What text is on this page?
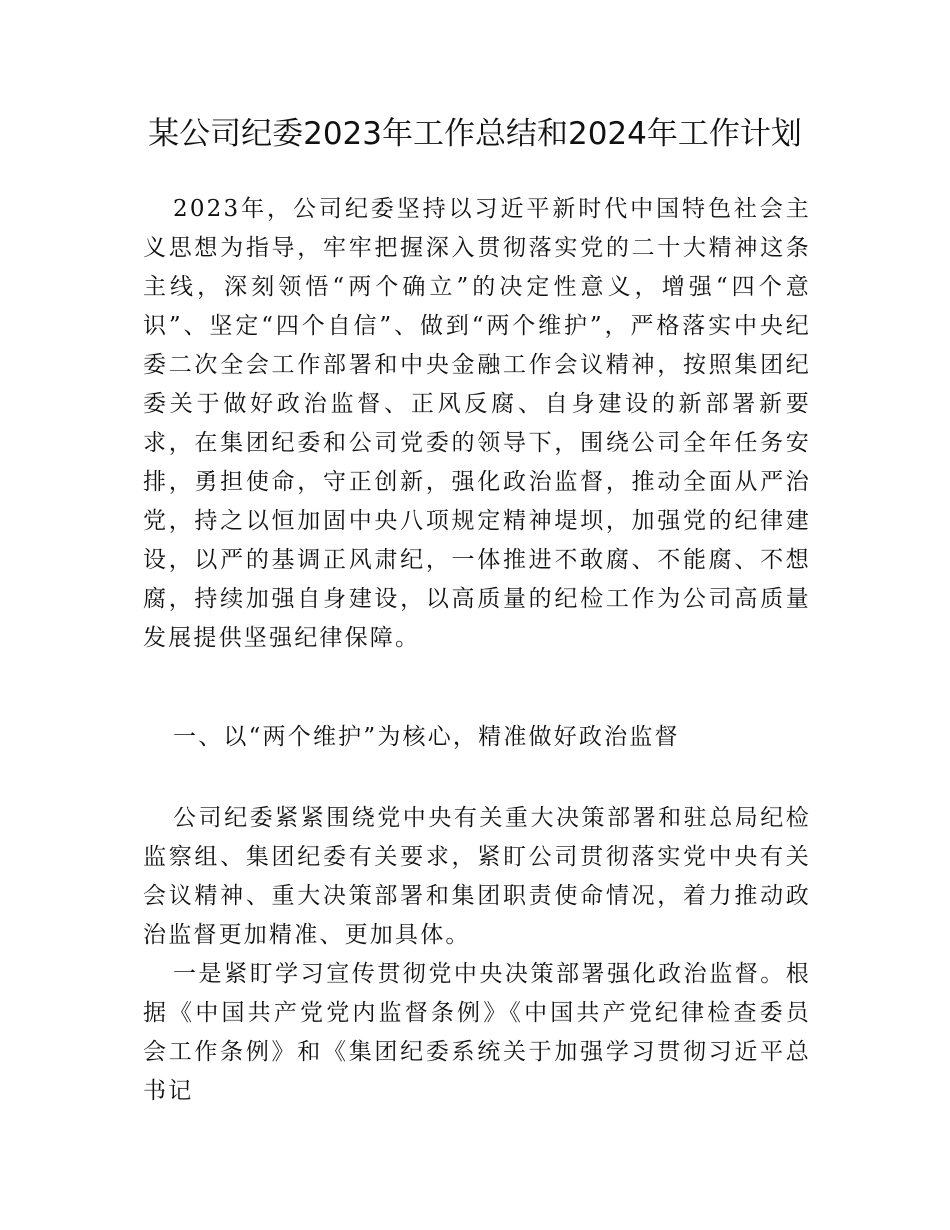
某公司纪委2023年工作总结和2024年工作计划

2023年，公司纪委坚持以习近平新时代中国特色社会主义思想为指导，牢牢把握深入贯彻落实党的二十大精神这条主线，深刻领悟“两个确立”的决定性意义，增强“四个意识”、坚定“四个自信”、做到“两个维护”，严格落实中央纪委二次全会工作部署和中央金融工作会议精神，按照集团纪委关于做好政治监督、正风反腐、自身建设的新部署新要求，在集团纪委和公司党委的领导下，围绕公司全年任务安排，勇担使命，守正创新，强化政治监督，推动全面从严治党，持之以恒加固中央八项规定精神堤坝，加强党的纪律建设，以严的基调正风肃纪，一体推进不敢腐、不能腐、不想腐，持续加强自身建设，以高质量的纪检工作为公司高质量发展提供坚强纪律保障。

一、以“两个维护”为核心，精准做好政治监督

公司纪委紧紧围绕党中央有关重大决策部署和驻总局纪检监察组、集团纪委有关要求，紧盯公司贯彻落实党中央有关会议精神、重大决策部署和集团职责使命情况，着力推动政治监督更加精准、更加具体。

一是紧盯学习宣传贯彻党中央决策部署强化政治监督。根据《中国共产党党内监督条例》《中国共产党纪律检查委员会工作条例》和《集团纪委系统关于加强学习贯彻习近平总书记
